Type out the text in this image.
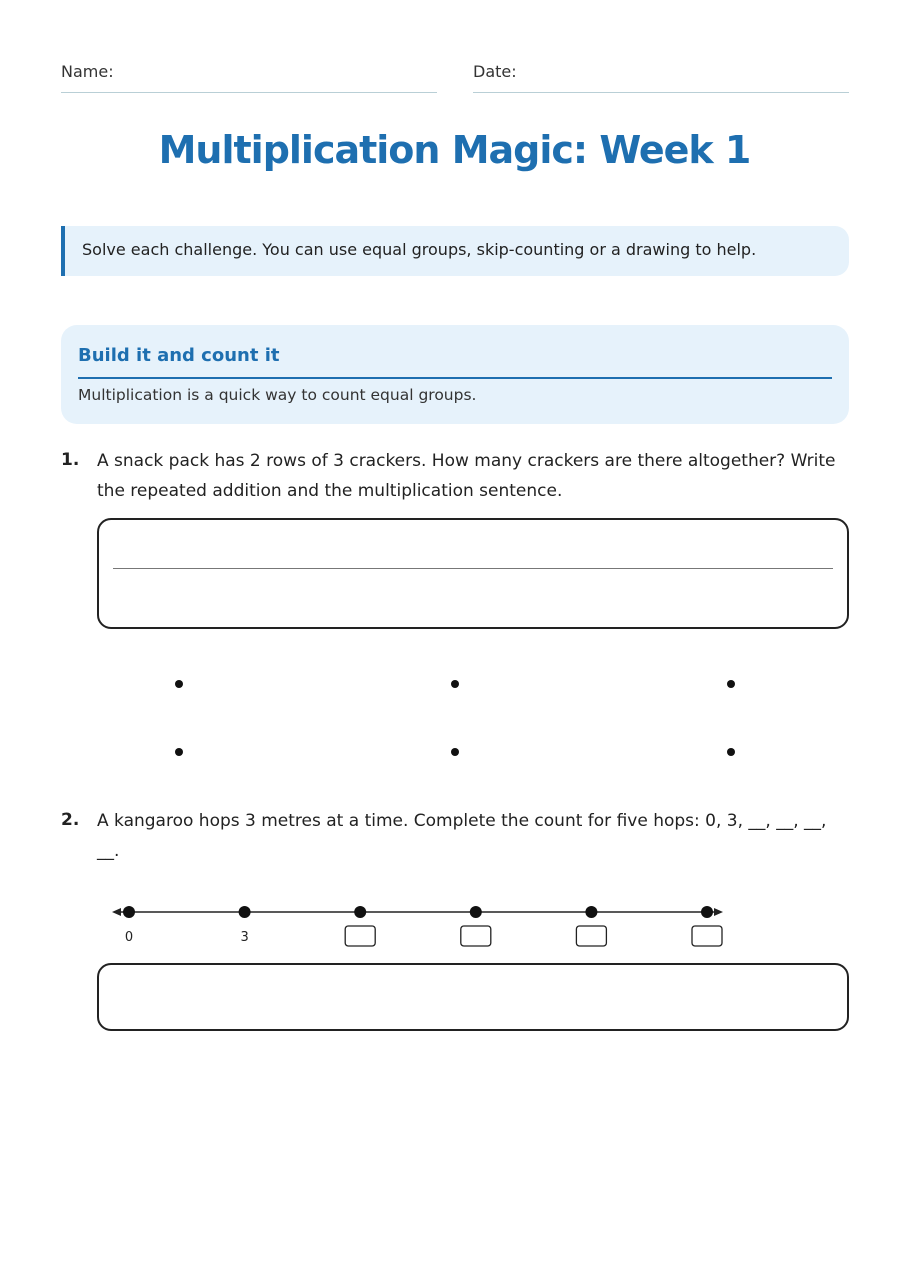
Name:	Date:
Multiplication Magic: Week 1
Solve each challenge. You can use equal groups, skip-counting or a drawing to help.
Build it and count it
Multiplication is a quick way to count equal groups.
1. A snack pack has 2 rows of 3 crackers. How many crackers are there altogether? Write the repeated addition and the multiplication sentence.
2. A kangaroo hops 3 metres at a time. Complete the count for five hops: 0, 3, __, __, __, __.
0	3
